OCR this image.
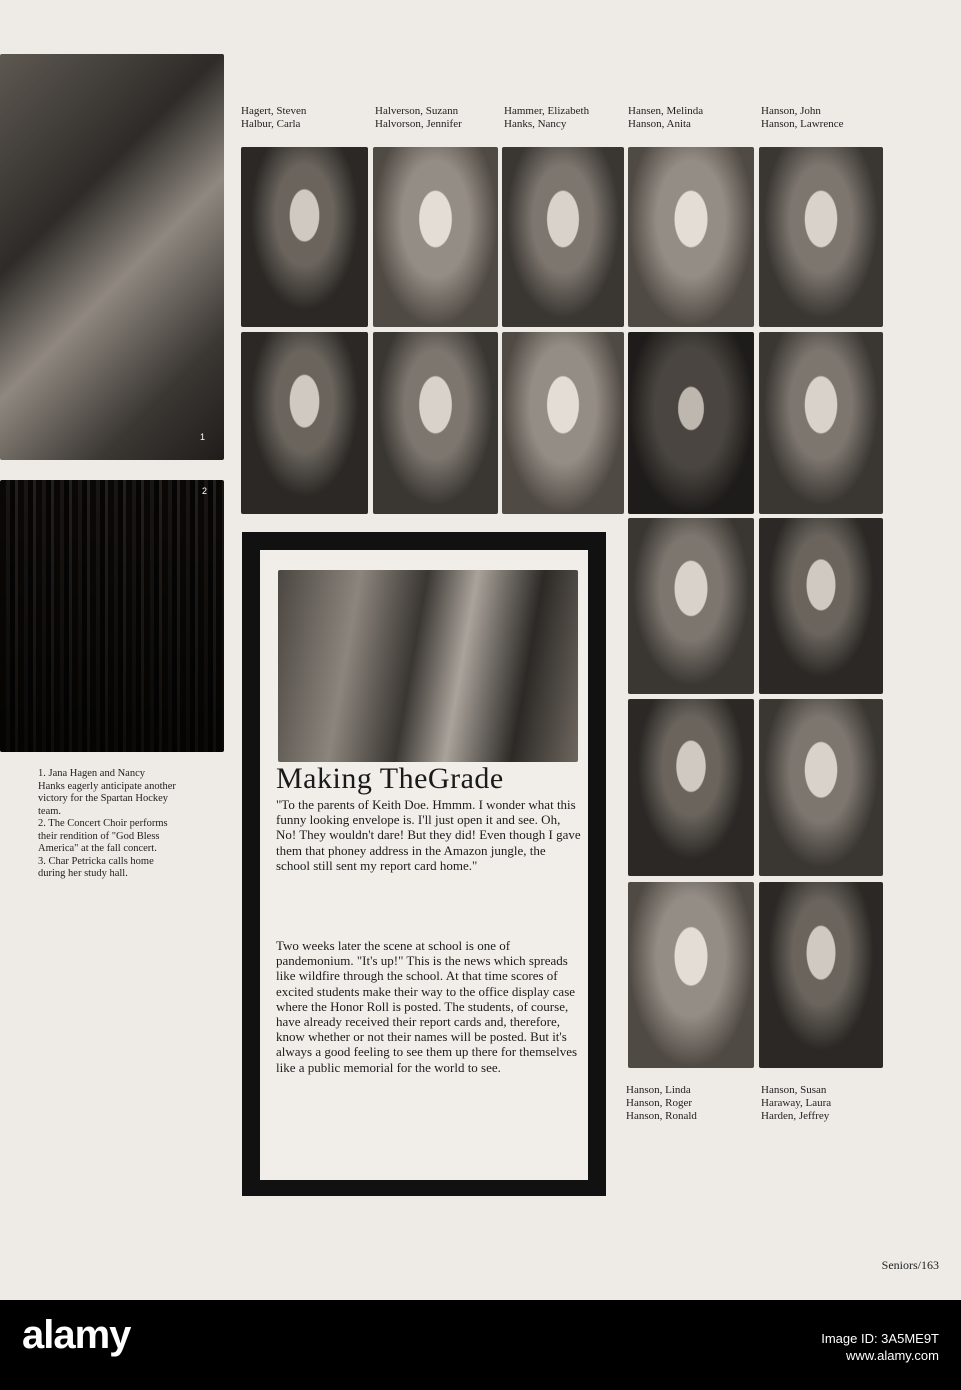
1
2
1. Jana Hagen and Nancy
Hanks eagerly anticipate another
victory for the Spartan Hockey
team.
2. The Concert Choir performs
their rendition of "God Bless
America" at the fall concert.
3. Char Petricka calls home
during her study hall.
Hagert, Steven
Halbur, Carla
Halverson, Suzann
Halvorson, Jennifer
Hammer, Elizabeth
Hanks, Nancy
Hansen, Melinda
Hanson, Anita
Hanson, John
Hanson, Lawrence
Hanson, Linda
Hanson, Roger
Hanson, Ronald
Hanson, Susan
Haraway, Laura
Harden, Jeffrey
Making TheGrade

"To the parents of Keith Doe. Hmmm. I wonder what this funny looking envelope is. I'll just open it and see. Oh, No! They wouldn't dare! But they did! Even though I gave them that phoney address in the Amazon jungle, the school still sent my report card home."

Two weeks later the scene at school is one of pandemonium. "It's up!" This is the news which spreads like wildfire through the school. At that time scores of excited students make their way to the office display case where the Honor Roll is posted. The students, of course, have already received their report cards and, therefore, know whether or not their names will be posted. But it's always a good feeling to see them up there for themselves like a public memorial for the world to see.

Seniors/163
alamy	Image ID: 3A5ME9T
www.alamy.com
